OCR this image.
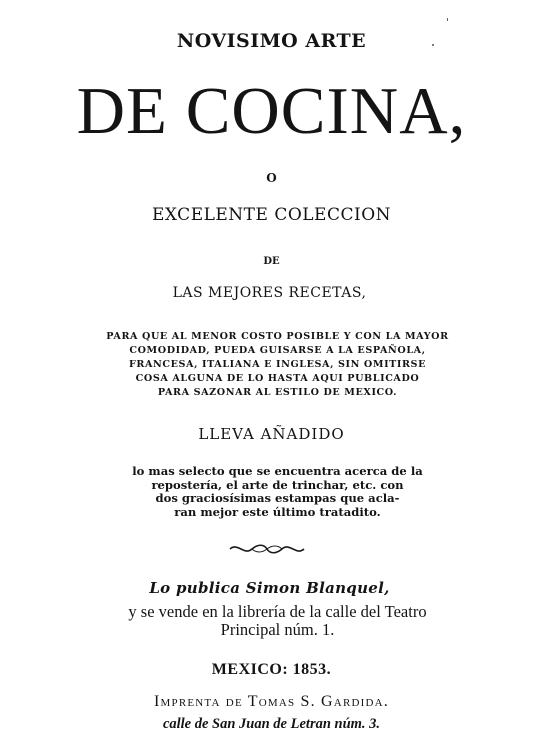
NOVISIMO ARTE
DE COCINA,
O
EXCELENTE COLECCION
DE
LAS MEJORES RECETAS,
PARA QUE AL MENOR COSTO POSIBLE Y CON LA MAYOR
COMODIDAD, PUEDA GUISARSE A LA ESPAÑOLA,
FRANCESA, ITALIANA E INGLESA, SIN OMITIRSE
COSA ALGUNA DE LO HASTA AQUI PUBLICADO
PARA SAZONAR AL ESTILO DE MEXICO.
LLEVA AÑADIDO
lo mas selecto que se encuentra acerca de la
repostería, el arte de trinchar, etc. con
dos graciosísimas estampas que acla-
ran mejor este último tratadito.
Lo publica Simon Blanquel,
y se vende en la librería de la calle del Teatro
Principal núm. 1.
MEXICO: 1853.
Imprenta de Tomas S. Gardida.
calle de San Juan de Letran núm. 3.
